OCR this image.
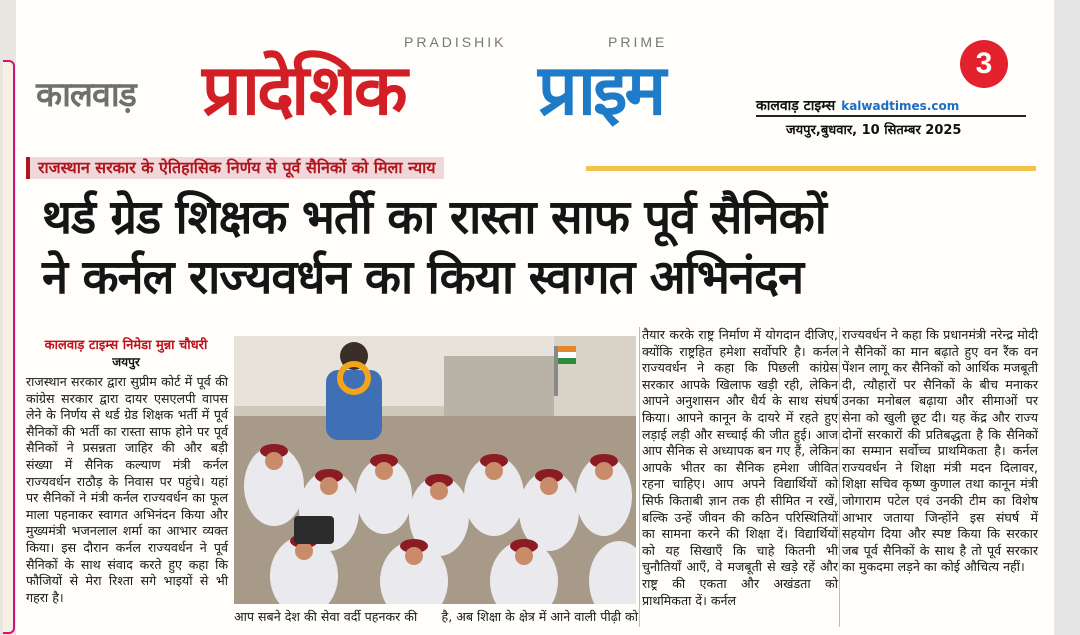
कालवाड़
PRADISHIK	PRIME
प्रादेशिक प्राइम	3
कालवाड़ टाइम्स kalwadtimes.com
जयपुर,बुधवार, 10 सितम्बर 2025
राजस्थान सरकार के ऐतिहासिक निर्णय से पूर्व सैनिकों को मिला न्याय
थर्ड ग्रेड शिक्षक भर्ती का रास्ता साफ पूर्व सैनिकों
ने कर्नल राज्यवर्धन का किया स्वागत अभिनंदन
कालवाड़ टाइम्स निमेडा मुन्ना चौधरी
जयपुर

राजस्थान सरकार द्वारा सुप्रीम कोर्ट में पूर्व की कांग्रेस सरकार द्वारा दायर एसएलपी वापस लेने के निर्णय से थर्ड ग्रेड शिक्षक भर्ती में पूर्व सैनिकों की भर्ती का रास्ता साफ होने पर पूर्व सैनिकों ने प्रसन्नता जाहिर की और बड़ी संख्या में सैनिक कल्याण मंत्री कर्नल राज्यवर्धन राठौड़ के निवास पर पहुंचे। यहां पर सैनिकों ने मंत्री कर्नल राज्यवर्धन का फूल माला पहनाकर स्वागत अभिनंदन किया और मुख्यमंत्री भजनलाल शर्मा का आभार व्यक्त किया। इस दौरान कर्नल राज्यवर्धन ने पूर्व सैनिकों के साथ संवाद करते हुए कहा कि फौजियों से मेरा रिश्ता सगे भाइयों से भी गहरा है।

आप सबने देश की सेवा वर्दी पहनकर की है, अब शिक्षा के क्षेत्र में आने वाली पीढ़ी को

तैयार करके राष्ट्र निर्माण में योगदान दीजिए, क्योंकि राष्ट्रहित हमेशा सर्वोपरि है। कर्नल राज्यवर्धन ने कहा कि पिछली कांग्रेस सरकार आपके खिलाफ खड़ी रही, लेकिन आपने अनुशासन और धैर्य के साथ संघर्ष किया। आपने कानून के दायरे में रहते हुए लड़ाई लड़ी और सच्चाई की जीत हुई। आज आप सैनिक से अध्यापक बन गए हैं, लेकिन आपके भीतर का सैनिक हमेशा जीवित रहना चाहिए। आप अपने विद्यार्थियों को सिर्फ किताबी ज्ञान तक ही सीमित न रखें, बल्कि उन्हें जीवन की कठिन परिस्थितियों का सामना करने की शिक्षा दें। विद्यार्थियों को यह सिखाएँ कि चाहे कितनी भी चुनौतियाँ आएँ, वे मजबूती से खड़े रहें और राष्ट्र की एकता और अखंडता को प्राथमिकता दें। कर्नल

राज्यवर्धन ने कहा कि प्रधानमंत्री नरेन्द्र मोदी ने सैनिकों का मान बढ़ाते हुए वन रैंक वन पेंशन लागू कर सैनिकों को आर्थिक मजबूती दी, त्यौहारों पर सैनिकों के बीच मनाकर उनका मनोबल बढ़ाया और सीमाओं पर सेना को खुली छूट दी। यह केंद्र और राज्य दोनों सरकारों की प्रतिबद्धता है कि सैनिकों का सम्मान सर्वोच्च प्राथमिकता है। कर्नल राज्यवर्धन ने शिक्षा मंत्री मदन दिलावर, शिक्षा सचिव कृष्ण कुणाल तथा कानून मंत्री जोगाराम पटेल एवं उनकी टीम का विशेष आभार जताया जिन्होंने इस संघर्ष में सहयोग दिया और स्पष्ट किया कि सरकार जब पूर्व सैनिकों के साथ है तो पूर्व सरकार का मुकदमा लड़ने का कोई औचित्य नहीं।
